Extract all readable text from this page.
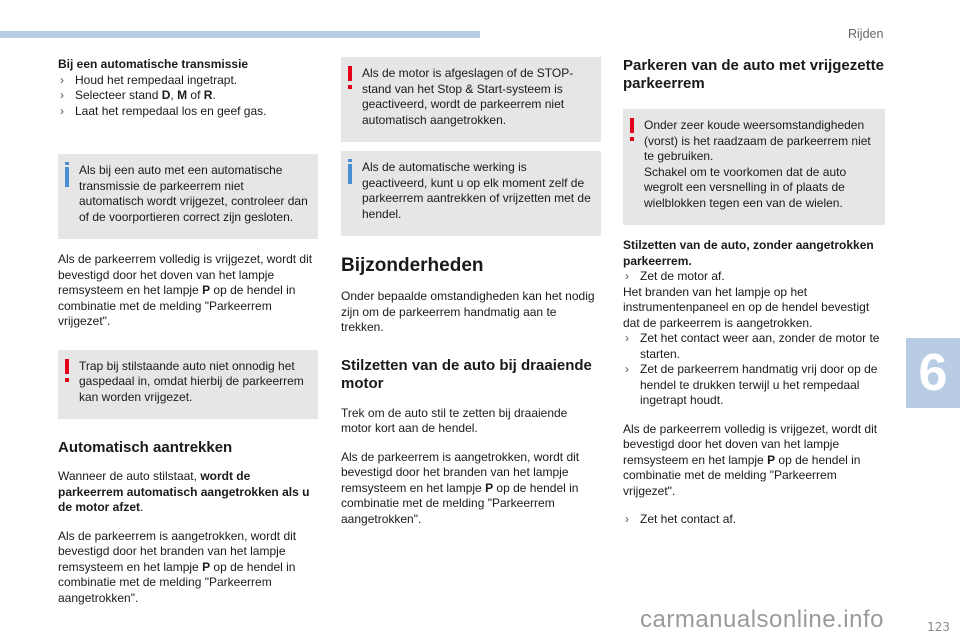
Rijden
6

Bij een automatische transmissie

› Houd het rempedaal ingetrapt.

› Selecteer stand D, M of R.

› Laat het rempedaal los en geef gas.

Als bij een auto met een automatische transmissie de parkeerrem niet automatisch wordt vrijgezet, controleer dan of de voorportieren correct zijn gesloten.

Als de parkeerrem volledig is vrijgezet, wordt dit bevestigd door het doven van het lampje remsysteem en het lampje P op de hendel in combinatie met de melding "Parkeerrem vrijgezet".

Trap bij stilstaande auto niet onnodig het gaspedaal in, omdat hierbij de parkeerrem kan worden vrijgezet.

Automatisch aantrekken

Wanneer de auto stilstaat, wordt de parkeerrem automatisch aangetrokken als u de motor afzet.

Als de parkeerrem is aangetrokken, wordt dit bevestigd door het branden van het lampje remsysteem en het lampje P op de hendel in combinatie met de melding "Parkeerrem aangetrokken".

Als de motor is afgeslagen of de STOP-stand van het Stop & Start-systeem is geactiveerd, wordt de parkeerrem niet automatisch aangetrokken.

Als de automatische werking is geactiveerd, kunt u op elk moment zelf de parkeerrem aantrekken of vrijzetten met de hendel.

Bijzonderheden

Onder bepaalde omstandigheden kan het nodig zijn om de parkeerrem handmatig aan te trekken.

Stilzetten van de auto bij draaiende motor

Trek om de auto stil te zetten bij draaiende motor kort aan de hendel.

Als de parkeerrem is aangetrokken, wordt dit bevestigd door het branden van het lampje remsysteem en het lampje P op de hendel in combinatie met de melding "Parkeerrem aangetrokken".

Parkeren van de auto met vrijgezette parkeerrem

Onder zeer koude weersomstandigheden (vorst) is het raadzaam de parkeerrem niet te gebruiken.

Schakel om te voorkomen dat de auto wegrolt een versnelling in of plaats de wielblokken tegen een van de wielen.

Stilzetten van de auto, zonder aangetrokken parkeerrem.

› Zet de motor af.

Het branden van het lampje op het instrumentenpaneel en op de hendel bevestigt dat de parkeerrem is aangetrokken.

› Zet het contact weer aan, zonder de motor te starten.

› Zet de parkeerrem handmatig vrij door op de hendel te drukken terwijl u het rempedaal ingetrapt houdt.

Als de parkeerrem volledig is vrijgezet, wordt dit bevestigd door het doven van het lampje remsysteem en het lampje P op de hendel in combinatie met de melding "Parkeerrem vrijgezet".

› Zet het contact af.

123
carmanualsonline.info
